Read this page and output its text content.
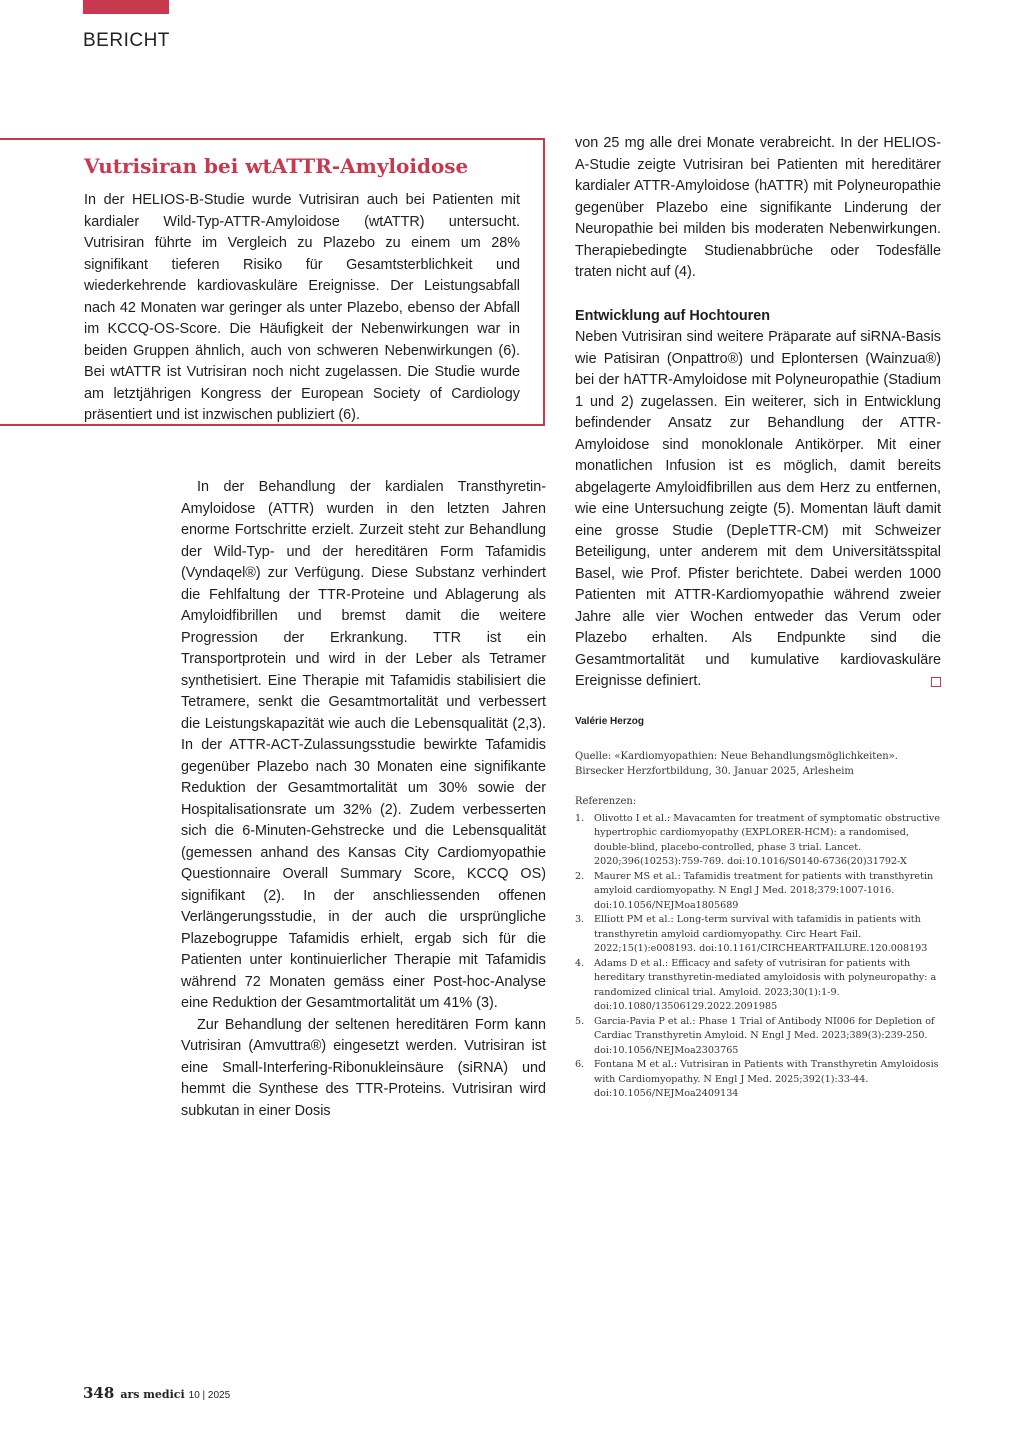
BERICHT
Vutrisiran bei wtATTR-Amyloidose

In der HELIOS-B-Studie wurde Vutrisiran auch bei Patienten mit kardialer Wild-Typ-ATTR-Amyloidose (wtATTR) untersucht. Vutrisiran führte im Vergleich zu Plazebo zu einem um 28% signifikant tieferen Risiko für Gesamtsterblichkeit und wiederkehrende kardiovaskuläre Ereignisse. Der Leistungsabfall nach 42 Monaten war geringer als unter Plazebo, ebenso der Abfall im KCCQ-OS-Score. Die Häufigkeit der Nebenwirkungen war in beiden Gruppen ähnlich, auch von schweren Nebenwirkungen (6). Bei wtATTR ist Vutrisiran noch nicht zugelassen. Die Studie wurde am letztjährigen Kongress der European Society of Cardiology präsentiert und ist inzwischen publiziert (6).

In der Behandlung der kardialen Transthyretin-Amyloidose (ATTR) wurden in den letzten Jahren enorme Fortschritte erzielt. Zurzeit steht zur Behandlung der Wild-Typ- und der hereditären Form Tafamidis (Vyndaqel®) zur Verfügung. Diese Substanz verhindert die Fehlfaltung der TTR-Proteine und Ablagerung als Amyloidfibrillen und bremst damit die weitere Progression der Erkrankung. TTR ist ein Transportprotein und wird in der Leber als Tetramer synthetisiert. Eine Therapie mit Tafamidis stabilisiert die Tetramere, senkt die Gesamtmortalität und verbessert die Leistungskapazität wie auch die Lebensqualität (2,3). In der ATTR-ACT-Zulassungsstudie bewirkte Tafamidis gegenüber Plazebo nach 30 Monaten eine signifikante Reduktion der Gesamtmortalität um 30% sowie der Hospitalisationsrate um 32% (2). Zudem verbesserten sich die 6-Minuten-Gehstrecke und die Lebensqualität (gemessen anhand des Kansas City Cardiomyopathie Questionnaire Overall Summary Score, KCCQ OS) signifikant (2). In der anschliessenden offenen Verlängerungsstudie, in der auch die ursprüngliche Plazebogruppe Tafamidis erhielt, ergab sich für die Patienten unter kontinuierlicher Therapie mit Tafamidis während 72 Monaten gemäss einer Post-hoc-Analyse eine Reduktion der Gesamtmortalität um 41% (3).

Zur Behandlung der seltenen hereditären Form kann Vutrisiran (Amvuttra®) eingesetzt werden. Vutrisiran ist eine Small-Interfering-Ribonukleinsäure (siRNA) und hemmt die Synthese des TTR-Proteins. Vutrisiran wird subkutan in einer Dosis

von 25 mg alle drei Monate verabreicht. In der HELIOS-A-Studie zeigte Vutrisiran bei Patienten mit hereditärer kardialer ATTR-Amyloidose (hATTR) mit Polyneuropathie gegenüber Plazebo eine signifikante Linderung der Neuropathie bei milden bis moderaten Nebenwirkungen. Therapiebedingte Studienabbrüche oder Todesfälle traten nicht auf (4).

Entwicklung auf Hochtouren

Neben Vutrisiran sind weitere Präparate auf siRNA-Basis wie Patisiran (Onpattro®) und Eplontersen (Wainzua®) bei der hATTR-Amyloidose mit Polyneuropathie (Stadium 1 und 2) zugelassen. Ein weiterer, sich in Entwicklung befindender Ansatz zur Behandlung der ATTR-Amyloidose sind monoklonale Antikörper. Mit einer monatlichen Infusion ist es möglich, damit bereits abgelagerte Amyloidfibrillen aus dem Herz zu entfernen, wie eine Untersuchung zeigte (5). Momentan läuft damit eine grosse Studie (DepleTTR-CM) mit Schweizer Beteiligung, unter anderem mit dem Universitätsspital Basel, wie Prof. Pfister berichtete. Dabei werden 1000 Patienten mit ATTR-Kardiomyopathie während zweier Jahre alle vier Wochen entweder das Verum oder Plazebo erhalten. Als Endpunkte sind die Gesamtmortalität und kumulative kardiovaskuläre Ereignisse definiert.

Valérie Herzog
Quelle: «Kardiomyopathien: Neue Behandlungsmöglichkeiten». Birsecker Herzfortbildung, 30. Januar 2025, Arlesheim
Referenzen:
1. Olivotto I et al.: Mavacamten for treatment of symptomatic obstructive hypertrophic cardiomyopathy (EXPLORER-HCM): a randomised, double-blind, placebo-controlled, phase 3 trial. Lancet. 2020;396(10253):759-769. doi:10.1016/S0140-6736(20)31792-X
2. Maurer MS et al.: Tafamidis treatment for patients with transthyretin amyloid cardiomyopathy. N Engl J Med. 2018;379:1007-1016. doi:10.1056/NEJMoa1805689
3. Elliott PM et al.: Long-term survival with tafamidis in patients with transthyretin amyloid cardiomyopathy. Circ Heart Fail. 2022;15(1):e008193. doi:10.1161/CIRCHEARTFAILURE.120.008193
4. Adams D et al.: Efficacy and safety of vutrisiran for patients with hereditary transthyretin-mediated amyloidosis with polyneuropathy: a randomized clinical trial. Amyloid. 2023;30(1):1-9. doi:10.1080/13506129.2022.2091985
5. Garcia-Pavia P et al.: Phase 1 Trial of Antibody NI006 for Depletion of Cardiac Transthyretin Amyloid. N Engl J Med. 2023;389(3):239-250. doi:10.1056/NEJMoa2303765
6. Fontana M et al.: Vutrisiran in Patients with Transthyretin Amyloidosis with Cardiomyopathy. N Engl J Med. 2025;392(1):33-44. doi:10.1056/NEJMoa2409134
348 ars medici 10 | 2025
